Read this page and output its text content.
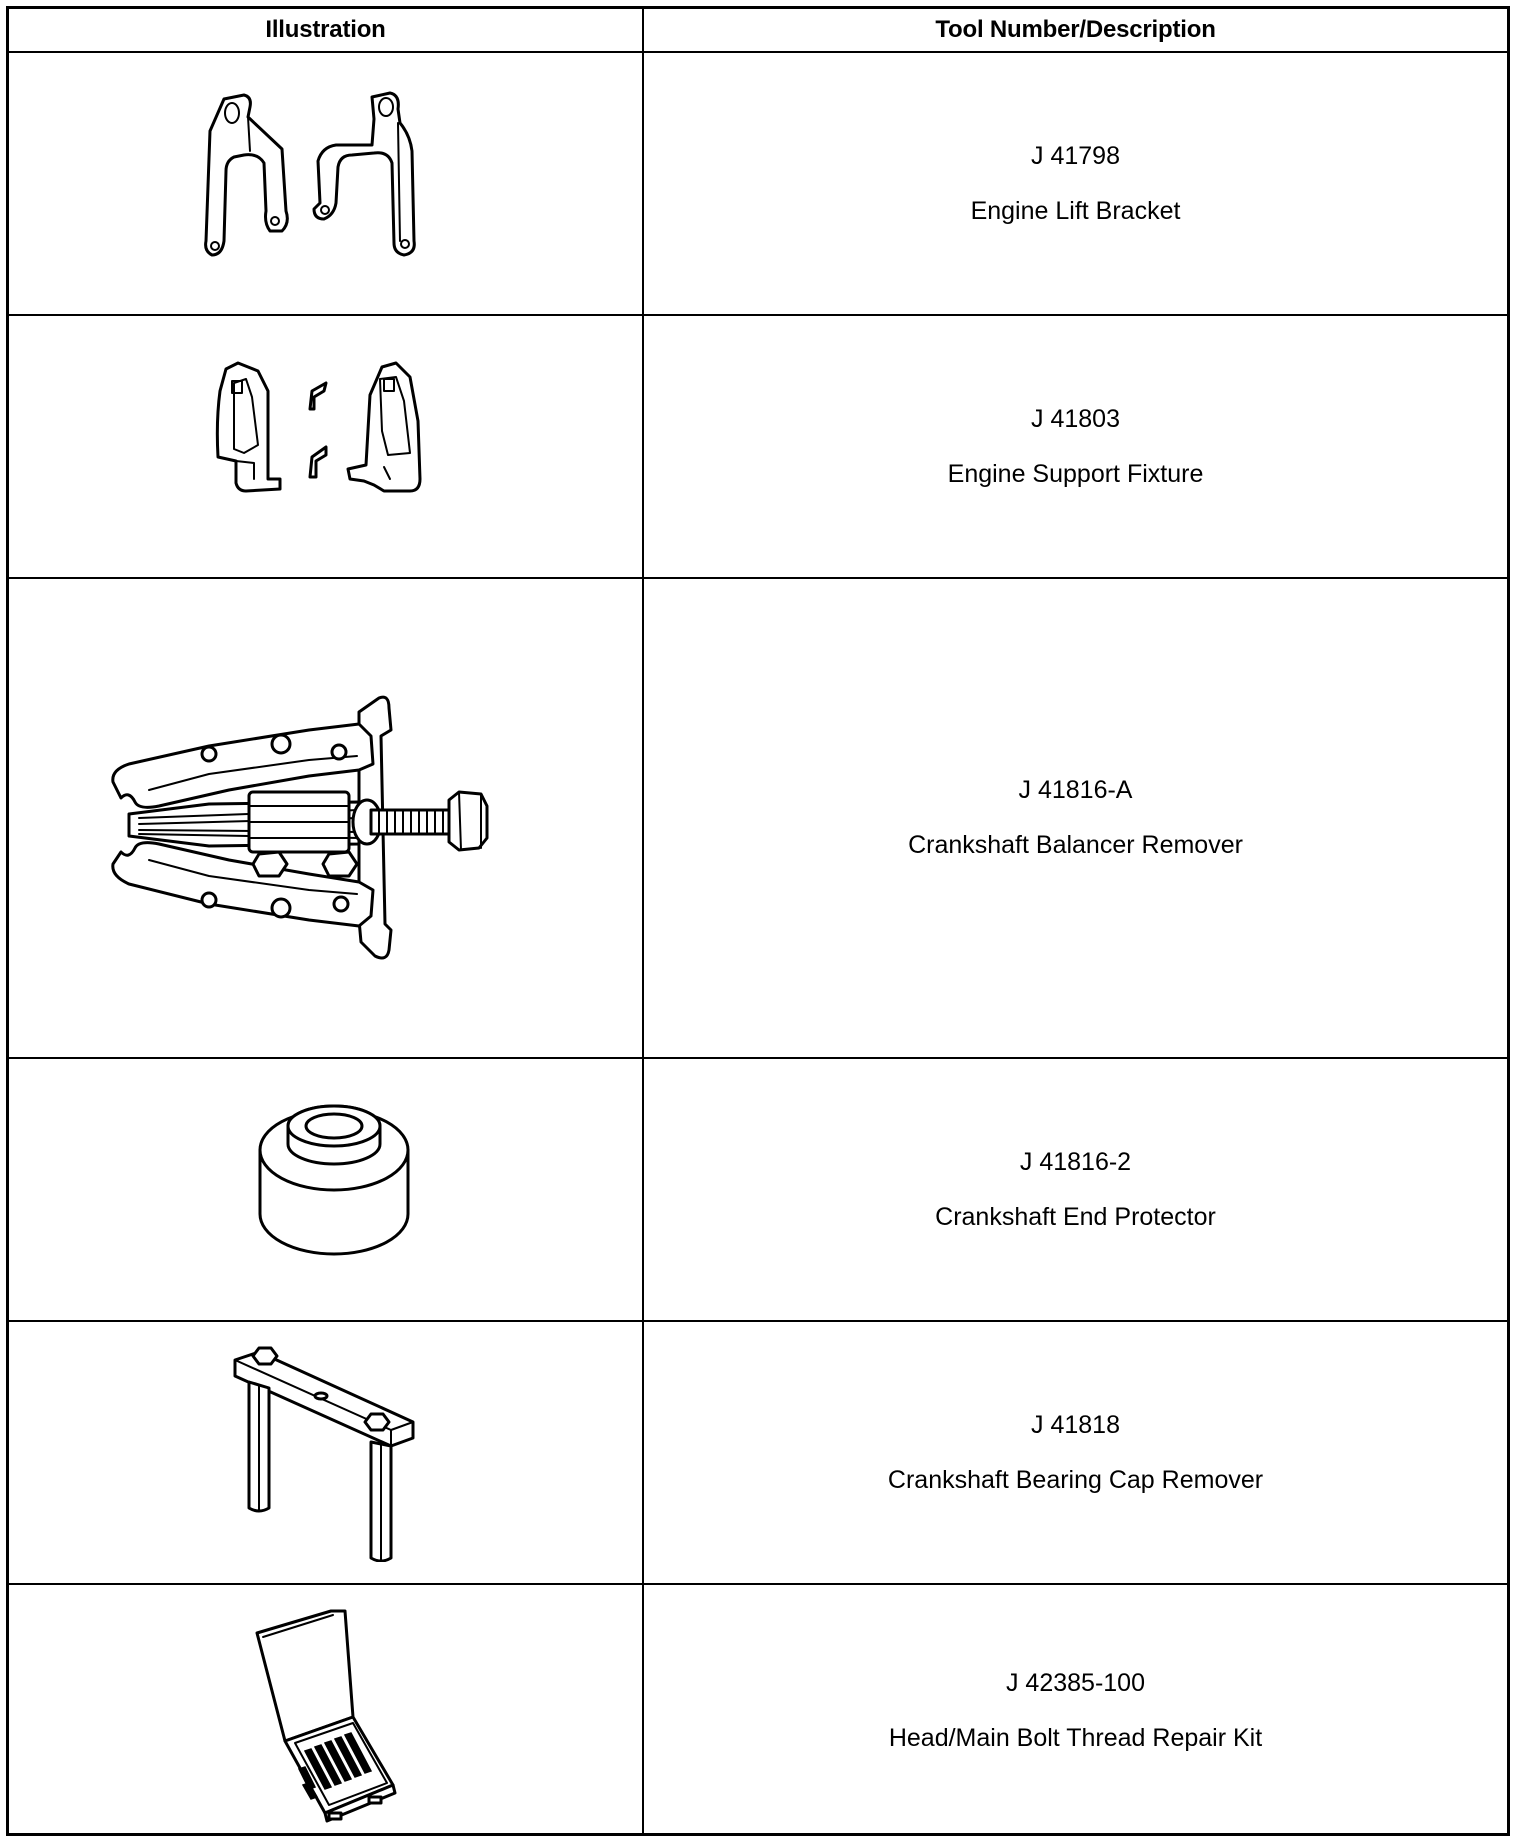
Illustration	Tool Number/Description
J 41798
Engine Lift Bracket
J 41803
Engine Support Fixture
J 41816-A
Crankshaft Balancer Remover
J 41816-2
Crankshaft End Protector
J 41818
Crankshaft Bearing Cap Remover
J 42385-100
Head/Main Bolt Thread Repair Kit
